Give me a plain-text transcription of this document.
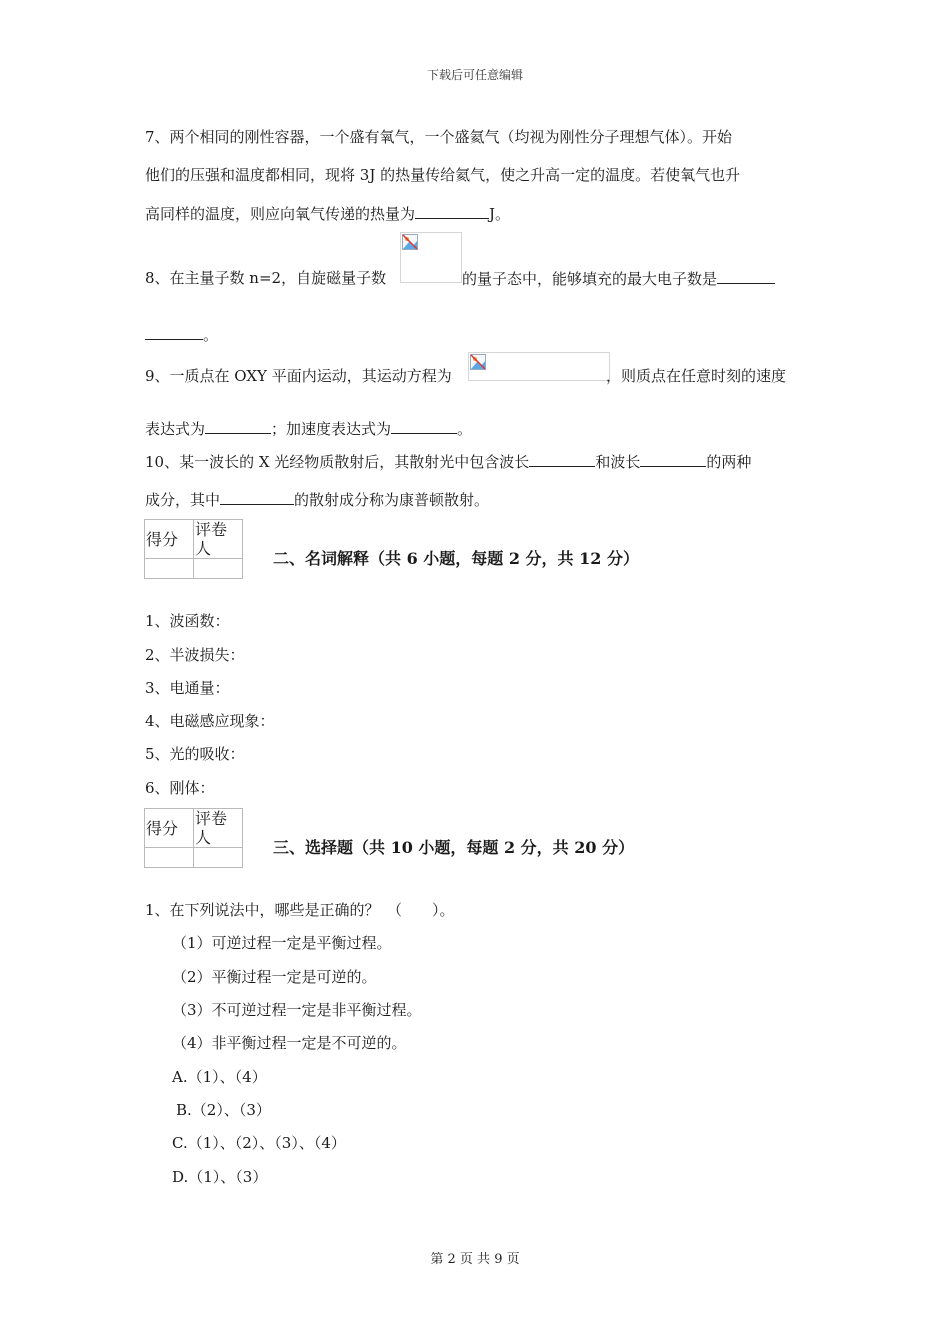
下载后可任意编辑
7、两个相同的刚性容器，一个盛有氧气，一个盛氦气（均视为刚性分子理想气体）。开始
他们的压强和温度都相同，现将 3J 的热量传给氦气，使之升高一定的温度。若使氧气也升
高同样的温度，则应向氧气传递的热量为	J。
8、在主量子数 n=2，自旋磁量子数	的量子态中，能够填充的最大电子数是
。
9、一质点在 OXY 平面内运动，其运动方程为	，则质点在任意时刻的速度
表达式为	；加速度表达式为	。
10、某一波长的 X 光经物质散射后，其散射光中包含波长	和波长	的两种
成分，其中	的散射成分称为康普顿散射。
得分	评卷人

二、名词解释（共 6 小题，每题 2 分，共 12 分）
1、波函数：
2、半波损失：
3、电通量：
4、电磁感应现象：
5、光的吸收：
6、刚体：
得分	评卷人

三、选择题（共 10 小题，每题 2 分，共 20 分）
1、在下列说法中，哪些是正确的？　（　　）。
（1）可逆过程一定是平衡过程。
（2）平衡过程一定是可逆的。
（3）不可逆过程一定是非平衡过程。
（4）非平衡过程一定是不可逆的。
A.（1）、（4）
B.（2）、（3）
C.（1）、（2）、（3）、（4）
D.（1）、（3）
第 2 页 共 9 页
